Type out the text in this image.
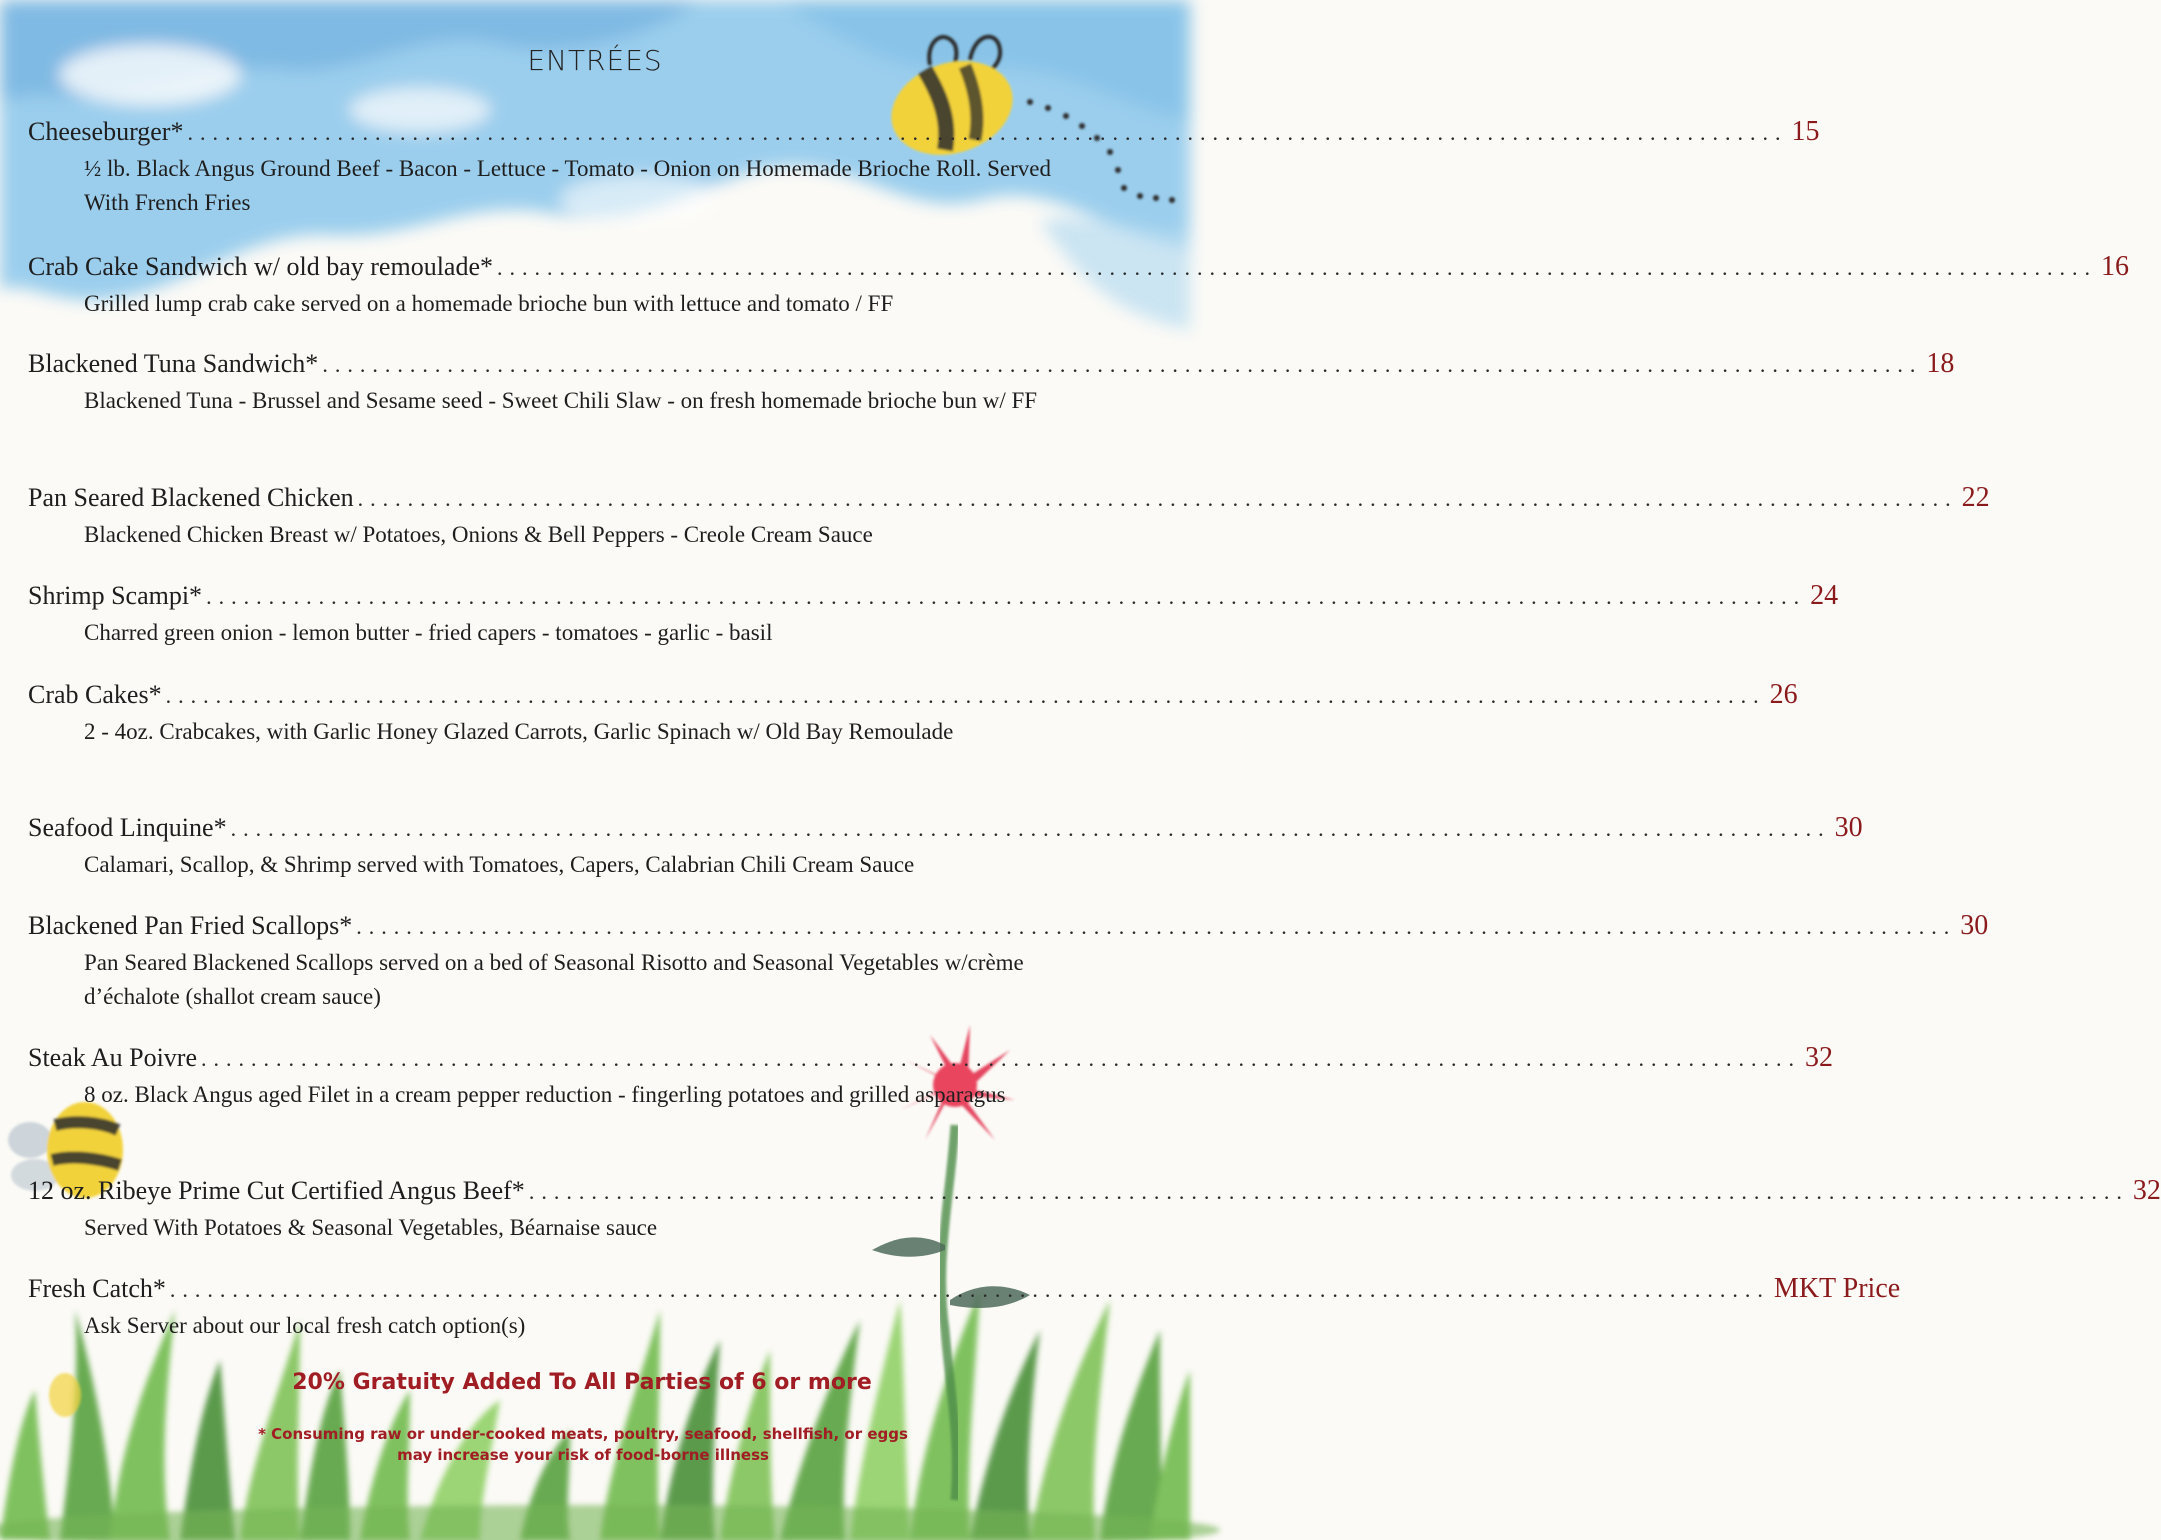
ENTRÉES
Cheeseburger* ................................................................................................................................ 15
½ lb. Black Angus Ground Beef - Bacon - Lettuce - Tomato - Onion on Homemade Brioche Roll. Served With French Fries
Crab Cake Sandwich w/ old bay remoulade* ................................................................................................................................ 16
Grilled lump crab cake served on a homemade brioche bun with lettuce and tomato / FF
Blackened Tuna Sandwich* ................................................................................................................................ 18
Blackened Tuna - Brussel and Sesame seed - Sweet Chili Slaw - on fresh homemade brioche bun w/ FF
Pan Seared Blackened Chicken ................................................................................................................................ 22
Blackened Chicken Breast w/ Potatoes, Onions & Bell Peppers - Creole Cream Sauce
Shrimp Scampi* ................................................................................................................................ 24
Charred green onion - lemon butter - fried capers - tomatoes - garlic - basil
Crab Cakes* ................................................................................................................................ 26
2 - 4oz. Crabcakes, with Garlic Honey Glazed Carrots, Garlic Spinach w/ Old Bay Remoulade
Seafood Linquine* ................................................................................................................................ 30
Calamari, Scallop, & Shrimp served with Tomatoes, Capers, Calabrian Chili Cream Sauce
Blackened Pan Fried Scallops* ................................................................................................................................ 30
Pan Seared Blackened Scallops served on a bed of Seasonal Risotto and Seasonal Vegetables w/crème d’échalote (shallot cream sauce)
Steak Au Poivre ................................................................................................................................ 32
8 oz. Black Angus aged Filet in a cream pepper reduction - fingerling potatoes and grilled asparagus
12 oz. Ribeye Prime Cut Certified Angus Beef* ................................................................................................................................ 32
Served With Potatoes & Seasonal Vegetables, Béarnaise sauce
Fresh Catch* ................................................................................................................................ MKT Price
Ask Server about our local fresh catch option(s)
20% Gratuity Added To All Parties of 6 or more
* Consuming raw or under-cooked meats, poultry, seafood, shellfish, or eggs
may increase your risk of food-borne illness
